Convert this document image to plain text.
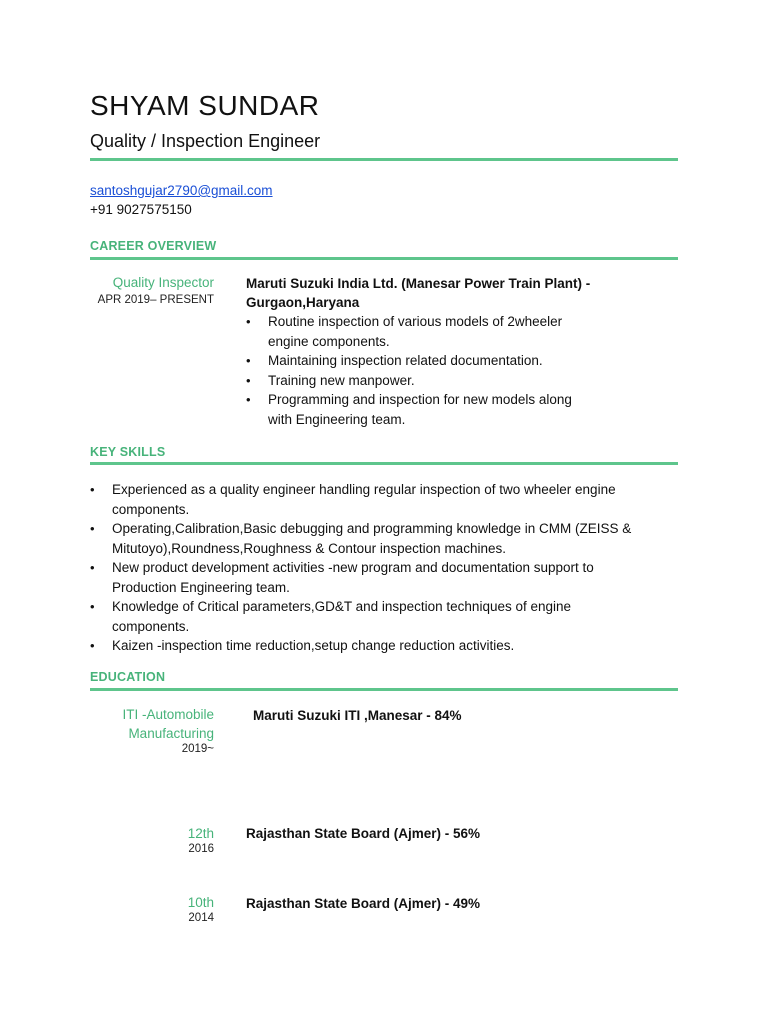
SHYAM SUNDAR
Quality / Inspection Engineer
santoshgujar2790@gmail.com
+91 9027575150
CAREER OVERVIEW
Quality Inspector
APR 2019– PRESENT
Maruti Suzuki India Ltd. (Manesar Power Train Plant) -
Gurgaon,Haryana
• Routine inspection of various models of 2wheeler engine components.
• Maintaining inspection related documentation.
• Training new manpower.
• Programming and inspection for new models along with Engineering team.
KEY SKILLS
• Experienced as a quality engineer handling regular inspection of two wheeler engine components.
• Operating,Calibration,Basic debugging and programming knowledge in CMM (ZEISS & Mitutoyo),Roundness,Roughness & Contour inspection machines.
• New product development activities -new program and documentation support to Production Engineering team.
• Knowledge of Critical parameters,GD&T and inspection techniques of engine components.
• Kaizen -inspection time reduction,setup change reduction activities.
EDUCATION
ITI -Automobile Manufacturing
2019~
Maruti Suzuki ITI ,Manesar - 84%
12th
2016
Rajasthan State Board (Ajmer) - 56%
10th
2014
Rajasthan State Board (Ajmer) - 49%
